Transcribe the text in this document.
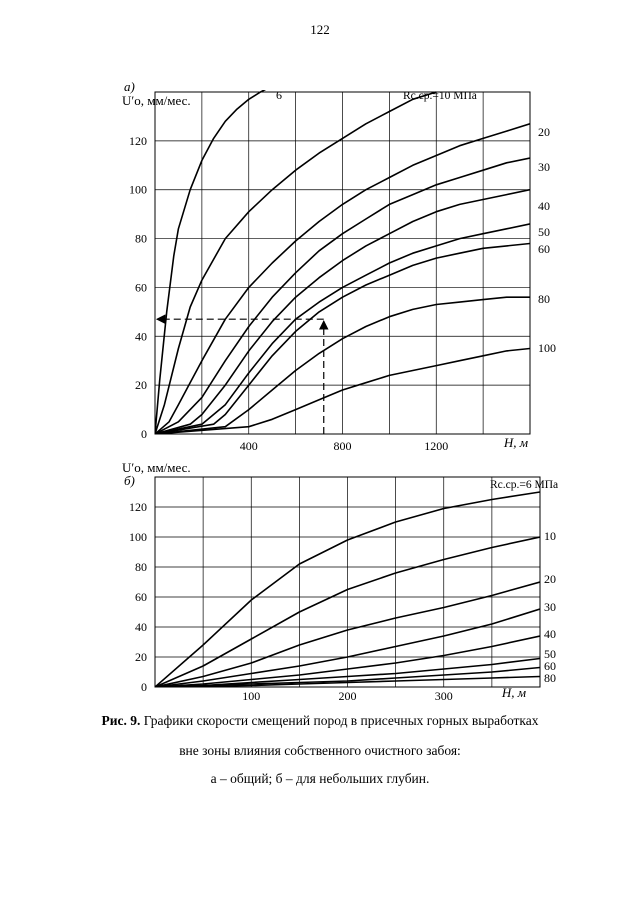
122
0
20
40
60
80
100
120
400	800	1200
а)
U′о, мм/мес.
H, м
Rс.ср.=10 МПа
6
20
30
40
50
60
80
100
0
20
40
60
80
100
120
100	200	300
б)
U′о, мм/мес.
H, м
Rс.ср.=6 МПа
10
20
30
40
50
60
80
Рис. 9. Графики скорости смещений пород в присечных горных выработках
вне зоны влияния собственного очистного забоя:
а – общий; б – для небольших глубин.
